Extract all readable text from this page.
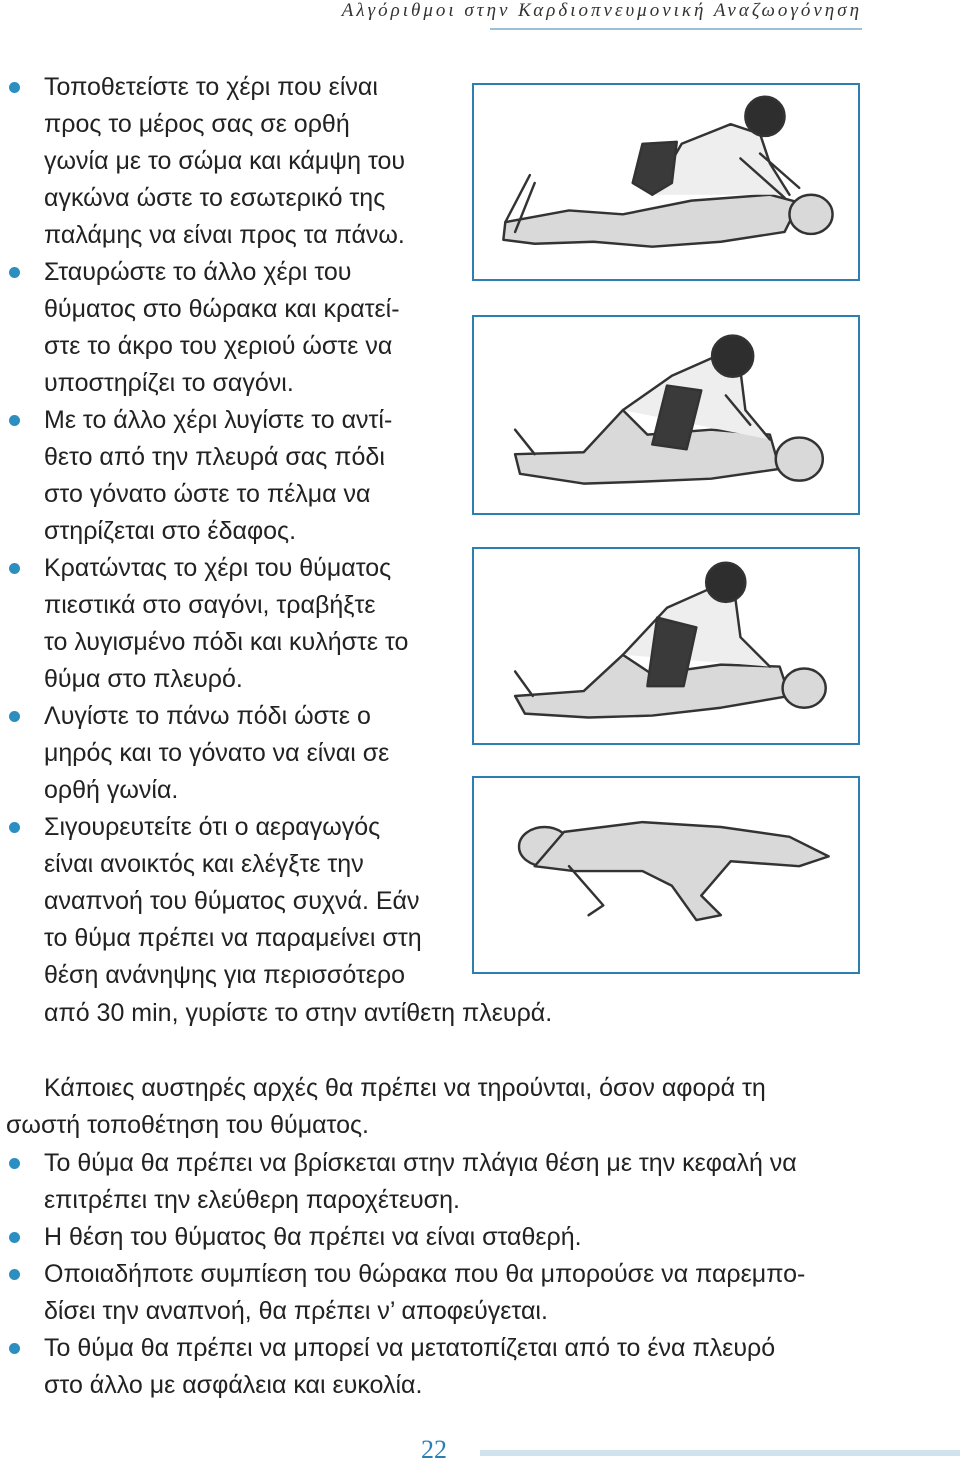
Αλγόριθμοι στην Καρδιοπνευμονική Αναζωογόνηση
Τοποθετείστε το χέρι που είναι
προς το μέρος σας σε ορθή
γωνία με το σώμα και κάμψη του
αγκώνα ώστε το εσωτερικό της
παλάμης να είναι προς τα πάνω.
Σταυρώστε το άλλο χέρι του
θύματος στο θώρακα και κρατεί-
στε το άκρο του χεριού ώστε να
υποστηρίζει το σαγόνι.
Με το άλλο χέρι λυγίστε το αντί-
θετο από την πλευρά σας πόδι
στο γόνατο ώστε το πέλμα να
στηρίζεται στο έδαφος.
Κρατώντας το χέρι του θύματος
πιεστικά στο σαγόνι, τραβήξτε
το λυγισμένο πόδι και κυλήστε το
θύμα στο πλευρό.
Λυγίστε το πάνω πόδι ώστε ο
μηρός και το γόνατο να είναι σε
ορθή γωνία.
Σιγουρευτείτε ότι ο αεραγωγός
είναι ανοικτός και ελέγξτε την
αναπνοή του θύματος συχνά. Εάν
το θύμα πρέπει να παραμείνει στη
θέση ανάνηψης για περισσότερο
από 30 min, γυρίστε το στην αντίθετη πλευρά.
Κάποιες αυστηρές αρχές θα πρέπει να τηρούνται, όσον αφορά τη
σωστή τοποθέτηση του θύματος.
Το θύμα θα πρέπει να βρίσκεται στην πλάγια θέση με την κεφαλή να
επιτρέπει την ελεύθερη παροχέτευση.
Η θέση του θύματος θα πρέπει να είναι σταθερή.
Οποιαδήποτε συμπίεση του θώρακα που θα μπορούσε να παρεμπο-
δίσει την αναπνοή, θα πρέπει ν’ αποφεύγεται.
Το θύμα θα πρέπει να μπορεί να μετατοπίζεται από το ένα πλευρό
στο άλλο με ασφάλεια και ευκολία.
22
